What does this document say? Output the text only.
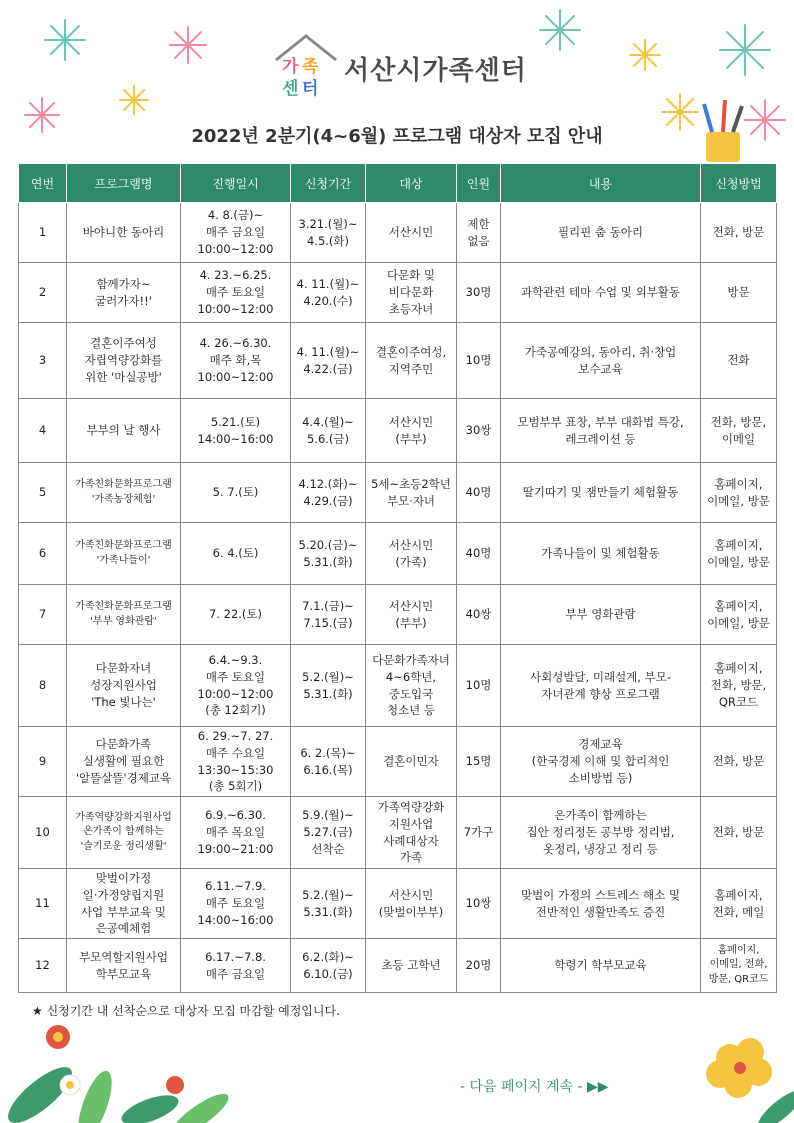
가 족
센 터
서산시가족센터
2022년 2분기(4~6월) 프로그램 대상자 모집 안내
연번	프로그램명	진행일시	신청기간	대상	인원	내용	신청방법
1	바야니한 동아리	4. 8.(금)~
매주 금요일
10:00~12:00	3.21.(월)~
4.5.(화)	서산시민	제한
없음	필리핀 춤 동아리	전화, 방문
2	함께가자~
굴러가자!!'	4. 23.~6.25.
매주 토요일
10:00~12:00	4. 11.(월)~
4.20.(수)	다문화 및
비다문화
초등자녀	30명	과학관련 테마 수업 및 외부활동	방문
3	결혼이주여성
자립역량강화를
위한 '마실공방'	4. 26.~6.30.
매주 화,목
10:00~12:00	4. 11.(월)~
4.22.(금)	결혼이주여성,
지역주민	10명	가죽공예강의, 동아리, 취·창업
보수교육	전화
4	부부의 날 행사	5.21.(토)
14:00~16:00	4.4.(월)~
5.6.(금)	서산시민
(부부)	30쌍	모범부부 표창, 부부 대화법 특강,
레크레이션 등	전화, 방문,
이메일
5	가족친화문화프로그램
'가족농장체험'	5. 7.(토)	4.12.(화)~
4.29.(금)	5세~초등2학년
부모·자녀	40명	딸기따기 및 잼만들기 체험활동	홈페이지,
이메일, 방문
6	가족친화문화프로그램
'가족나들이'	6. 4.(토)	5.20.(금)~
5.31.(화)	서산시민
(가족)	40명	가족나들이 및 체험활동	홈페이지,
이메일, 방문
7	가족친화문화프로그램
'부부 영화관람'	7. 22.(토)	7.1.(금)~
7.15.(금)	서산시민
(부부)	40쌍	부부 영화관람	홈페이지,
이메일, 방문
8	다문화자녀
성장지원사업
'The 빛나는'	6.4.~9.3.
매주 토요일
10:00~12:00
(총 12회기)	5.2.(월)~
5.31.(화)	다문화가족자녀
4~6학년,
중도입국
청소년 등	10명	사회성발달, 미래설계, 부모-
자녀관계 향상 프로그램	홈페이지,
전화, 방문,
QR코드
9	다문화가족
실생활에 필요한
'알뜰살뜰'경제교육	6. 29.~7. 27.
매주 수요일
13:30~15:30
(총 5회기)	6. 2.(목)~
6.16.(목)	결혼이민자	15명	경제교육
(한국경제 이해 및 합리적인
소비방법 등)	전화, 방문
10	가족역량강화지원사업
온가족이 함께하는
'슬기로운 정리생활'	6.9.~6.30.
매주 목요일
19:00~21:00	5.9.(월)~
5.27.(금)
선착순	가족역량강화
지원사업
사례대상자
가족	7가구	온가족이 함께하는
집안 정리정돈 공부방 정리법,
옷정리, 냉장고 정리 등	전화, 방문
11	맞벌이가정
일·가정양립지원
사업 부부교육 및
은공예체험	6.11.~7.9.
매주 토요일
14:00~16:00	5.2.(월)~
5.31.(화)	서산시민
(맞벌이부부)	10쌍	맞벌이 가정의 스트레스 해소 및
전반적인 생활만족도 증진	홈페이지,
전화, 메일
12	부모역할지원사업
학부모교육	6.17.~7.8.
매주 금요일	6.2.(화)~
6.10.(금)	초등 고학년	20명	학령기 학부모교육	홈페이지,
이메일, 전화,
방문, QR코드
★ 신청기간 내 선착순으로 대상자 모집 마감할 예정입니다.
- 다음 페이지 계속 - ▶▶
